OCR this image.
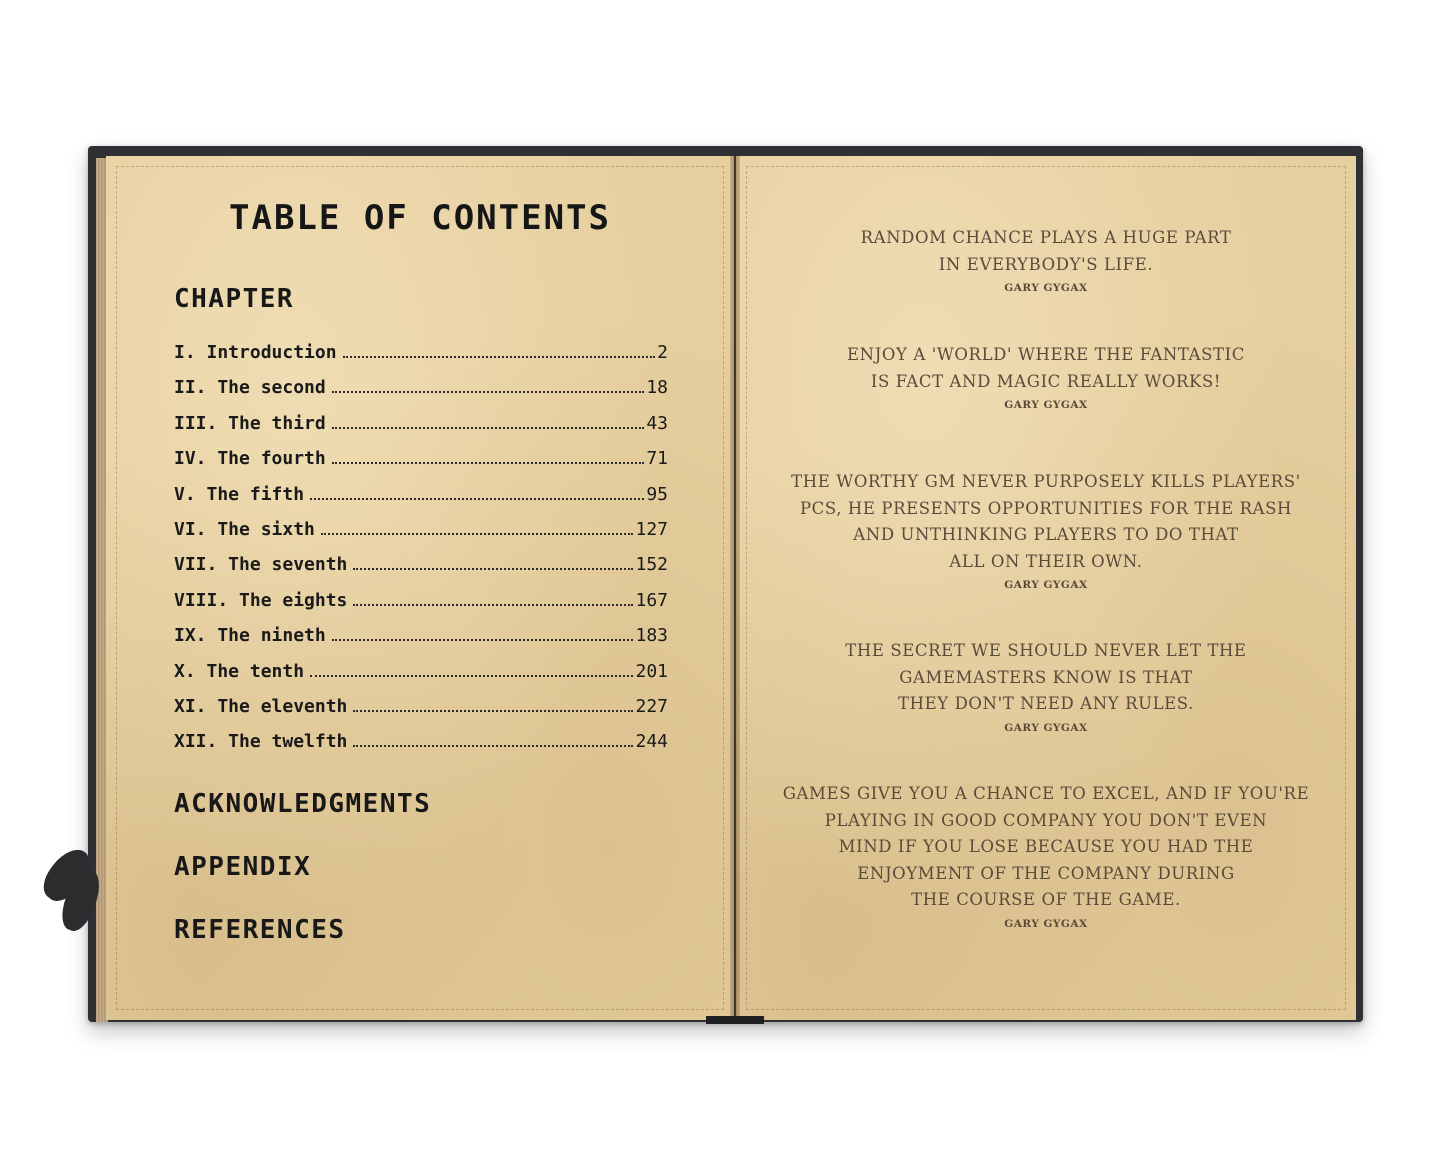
TABLE OF CONTENTS
CHAPTER
I. Introduction	2
II. The second	18
III. The third	43
IV. The fourth	71
V. The fifth	95
VI. The sixth	127
VII. The seventh	152
VIII. The eights	167
IX. The nineth	183
X. The tenth	201
XI. The eleventh	227
XII. The twelfth	244
ACKNOWLEDGMENTS
APPENDIX
REFERENCES
RANDOM CHANCE PLAYS A HUGE PART
IN EVERYBODY'S LIFE.
GARY GYGAX
ENJOY A 'WORLD' WHERE THE FANTASTIC
IS FACT AND MAGIC REALLY WORKS!
GARY GYGAX
THE WORTHY GM NEVER PURPOSELY KILLS PLAYERS'
PCS, HE PRESENTS OPPORTUNITIES FOR THE RASH
AND UNTHINKING PLAYERS TO DO THAT
ALL ON THEIR OWN.
GARY GYGAX
THE SECRET WE SHOULD NEVER LET THE
GAMEMASTERS KNOW IS THAT
THEY DON'T NEED ANY RULES.
GARY GYGAX
GAMES GIVE YOU A CHANCE TO EXCEL, AND IF YOU'RE
PLAYING IN GOOD COMPANY YOU DON'T EVEN
MIND IF YOU LOSE BECAUSE YOU HAD THE
ENJOYMENT OF THE COMPANY DURING
THE COURSE OF THE GAME.
GARY GYGAX
